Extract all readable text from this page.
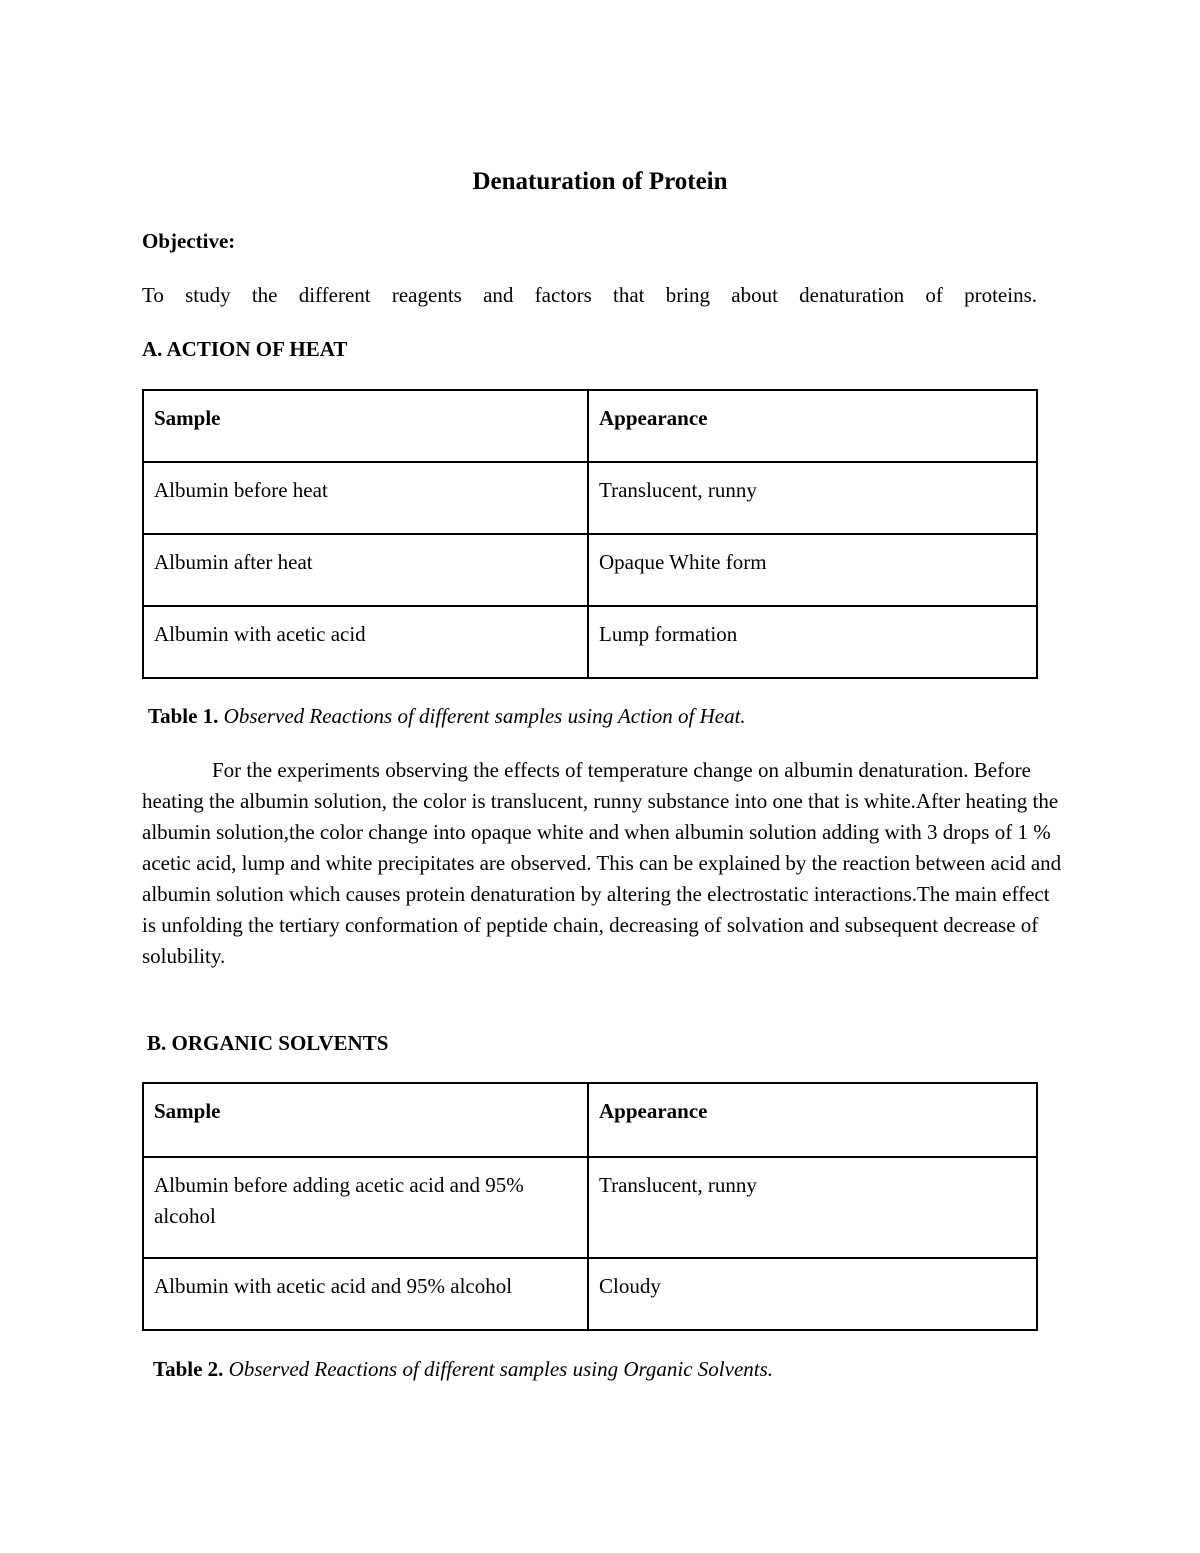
Denaturation of Protein
Objective:
To study the different reagents and factors that bring about denaturation of proteins.
A. ACTION OF HEAT
Sample	Appearance
Albumin before heat	Translucent, runny
Albumin after heat	Opaque White form
Albumin with acetic acid	Lump formation
Table 1. Observed Reactions of different samples using Action of Heat.
For the experiments observing the effects of temperature change on albumin denaturation. Before heating the albumin solution, the color is translucent, runny substance into one that is white.After heating the albumin solution,the color change into opaque white and when albumin solution adding with 3 drops of 1 % acetic acid, lump and white precipitates are observed. This can be explained by the reaction between acid and albumin solution which causes protein denaturation by altering the electrostatic interactions.The main effect is unfolding the tertiary conformation of peptide chain, decreasing of solvation and subsequent decrease of solubility.
B. ORGANIC SOLVENTS
Sample	Appearance
Albumin before adding acetic acid and 95% alcohol	Translucent, runny
Albumin with acetic acid and 95% alcohol	Cloudy
Table 2. Observed Reactions of different samples using Organic Solvents.
